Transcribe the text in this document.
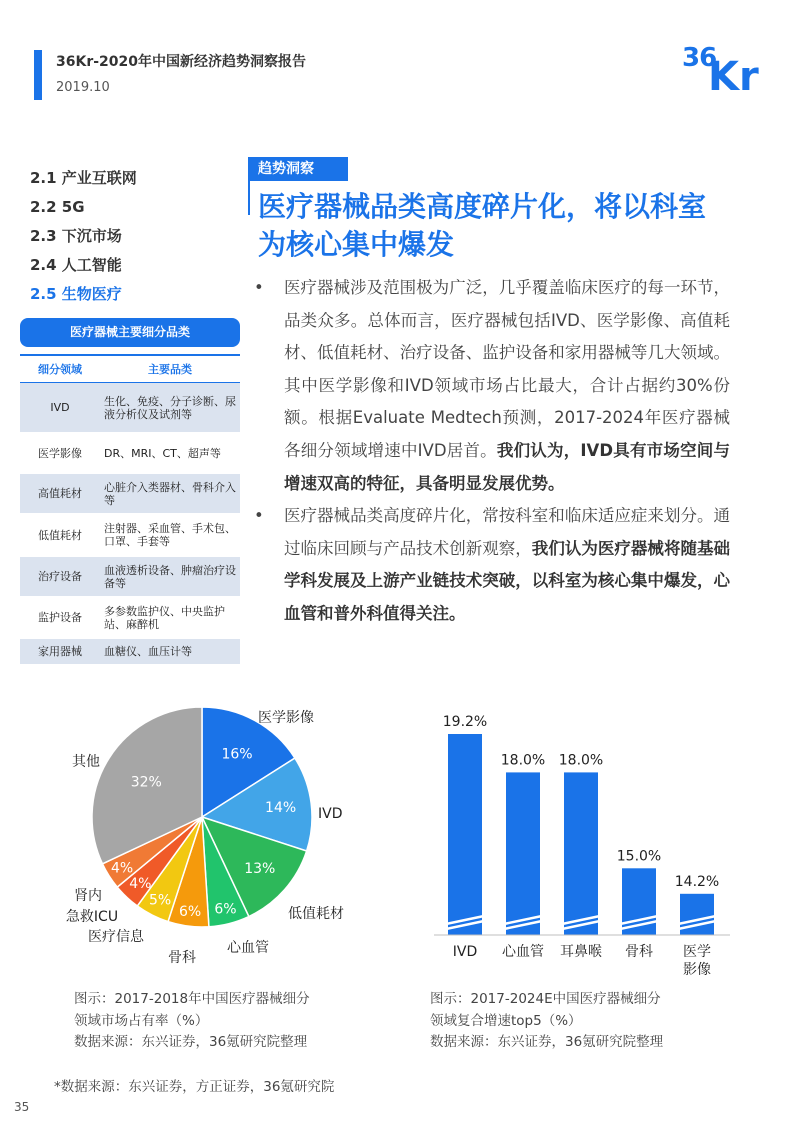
36Kr-2020年中国新经济趋势洞察报告
2019.10
36
Kr
2.1 产业互联网
2.2 5G
2.3 下沉市场
2.4 人工智能
2.5 生物医疗
医疗器械主要细分品类
细分领域	主要品类
IVD	生化、免疫、分子诊断、尿液分析仪及试剂等
医学影像	DR、MRI、CT、超声等
高值耗材	心脏介入类器材、骨科介入等
低值耗材	注射器、采血管、手术包、口罩、手套等
治疗设备	血液透析设备、肿瘤治疗设备等
监护设备	多参数监护仪、中央监护站、麻醉机
家用器械	血糖仪、血压计等
趋势洞察
医疗器械品类高度碎片化，将以科室为核心集中爆发
• 医疗器械涉及范围极为广泛，几乎覆盖临床医疗的每一环节，品类众多。总体而言，医疗器械包括IVD、医学影像、高值耗材、低值耗材、治疗设备、监护设备和家用器械等几大领域。其中医学影像和IVD领域市场占比最大，合计占据约30%份额。根据Evaluate Medtech预测，2017-2024年医疗器械各细分领域增速中IVD居首。我们认为，IVD具有市场空间与增速双高的特征，具备明显发展优势。
• 医疗器械品类高度碎片化，常按科室和临床适应症来划分。通过临床回顾与产品技术创新观察，我们认为医疗器械将随基础学科发展及上游产业链技术突破，以科室为核心集中爆发，心血管和普外科值得关注。
16%
医学影像
14% IVD
13%
低值耗材
6%
心血管
6%
骨科
5%
医疗信息
4%
急救ICU
4%
肾内
32%
其他
19.2%
IVD
18.0%
心血管
18.0%
耳鼻喉
15.0%
骨科
14.2%
医学影像
图示：2017-2018年中国医疗器械细分
领域市场占有率（%）
数据来源：东兴证券，36氪研究院整理
图示：2017-2024E中国医疗器械细分
领域复合增速top5（%）
数据来源：东兴证券，36氪研究院整理
*数据来源：东兴证券，方正证券，36氪研究院
35
